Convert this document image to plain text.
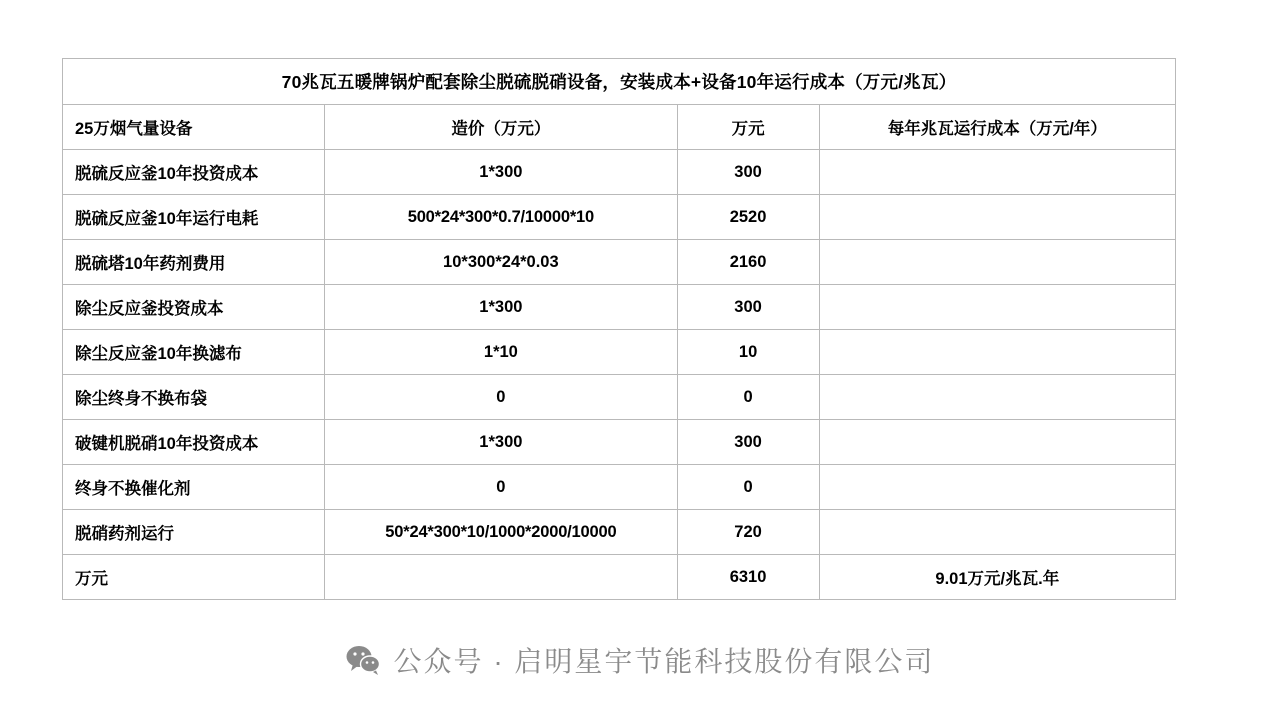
70兆瓦五暖牌锅炉配套除尘脱硫脱硝设备，安装成本+设备10年运行成本（万元/兆瓦）			
25万烟气量设备	造价（万元）	万元	每年兆瓦运行成本（万元/年）
脱硫反应釜10年投资成本	1*300	300	
脱硫反应釜10年运行电耗	500*24*300*0.7/10000*10	2520	
脱硫塔10年药剂费用	10*300*24*0.03	2160	
除尘反应釜投资成本	1*300	300	
除尘反应釜10年换滤布	1*10	10	
除尘终身不换布袋	0	0	
破键机脱硝10年投资成本	1*300	300	
终身不换催化剂	0	0	
脱硝药剂运行	50*24*300*10/1000*2000/10000	720	
万元		6310	9.01万元/兆瓦.年
公众号 · 启明星宇节能科技股份有限公司
